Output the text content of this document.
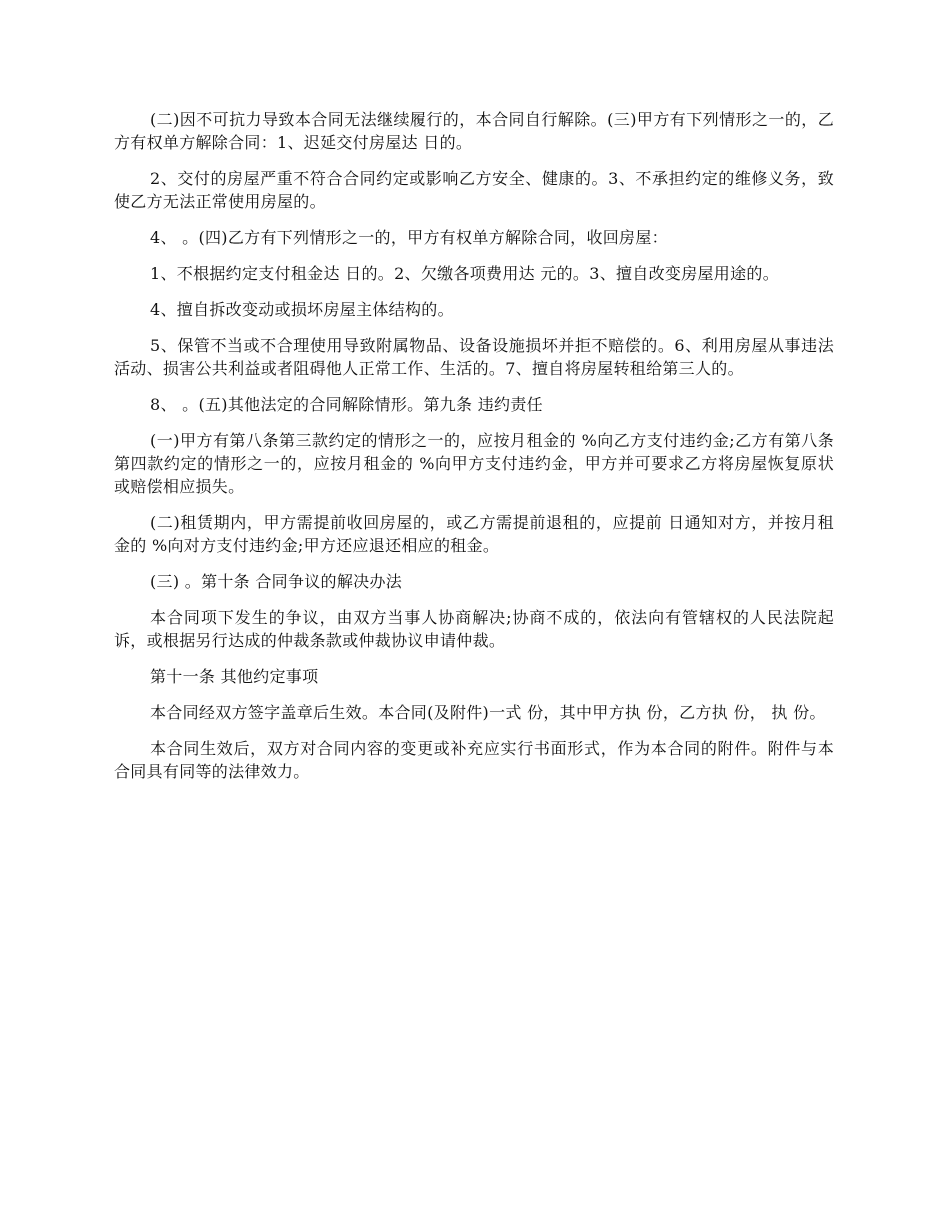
(二)因不可抗力导致本合同无法继续履行的，本合同自行解除。(三)甲方有下列情形之一的，乙方有权单方解除合同：1、迟延交付房屋达 日的。

2、交付的房屋严重不符合合同约定或影响乙方安全、健康的。3、不承担约定的维修义务，致使乙方无法正常使用房屋的。

4、 。(四)乙方有下列情形之一的，甲方有权单方解除合同，收回房屋：

1、不根据约定支付租金达 日的。2、欠缴各项费用达 元的。3、擅自改变房屋用途的。

4、擅自拆改变动或损坏房屋主体结构的。

5、保管不当或不合理使用导致附属物品、设备设施损坏并拒不赔偿的。6、利用房屋从事违法活动、损害公共利益或者阻碍他人正常工作、生活的。7、擅自将房屋转租给第三人的。

8、 。(五)其他法定的合同解除情形。第九条 违约责任

(一)甲方有第八条第三款约定的情形之一的，应按月租金的 %向乙方支付违约金;乙方有第八条第四款约定的情形之一的，应按月租金的 %向甲方支付违约金，甲方并可要求乙方将房屋恢复原状或赔偿相应损失。

(二)租赁期内，甲方需提前收回房屋的，或乙方需提前退租的，应提前 日通知对方，并按月租金的 %向对方支付违约金;甲方还应退还相应的租金。

(三) 。第十条 合同争议的解决办法

本合同项下发生的争议，由双方当事人协商解决;协商不成的，依法向有管辖权的人民法院起诉，或根据另行达成的仲裁条款或仲裁协议申请仲裁。

第十一条 其他约定事项

本合同经双方签字盖章后生效。本合同(及附件)一式 份，其中甲方执 份，乙方执 份， 执 份。

本合同生效后，双方对合同内容的变更或补充应实行书面形式，作为本合同的附件。附件与本合同具有同等的法律效力。
